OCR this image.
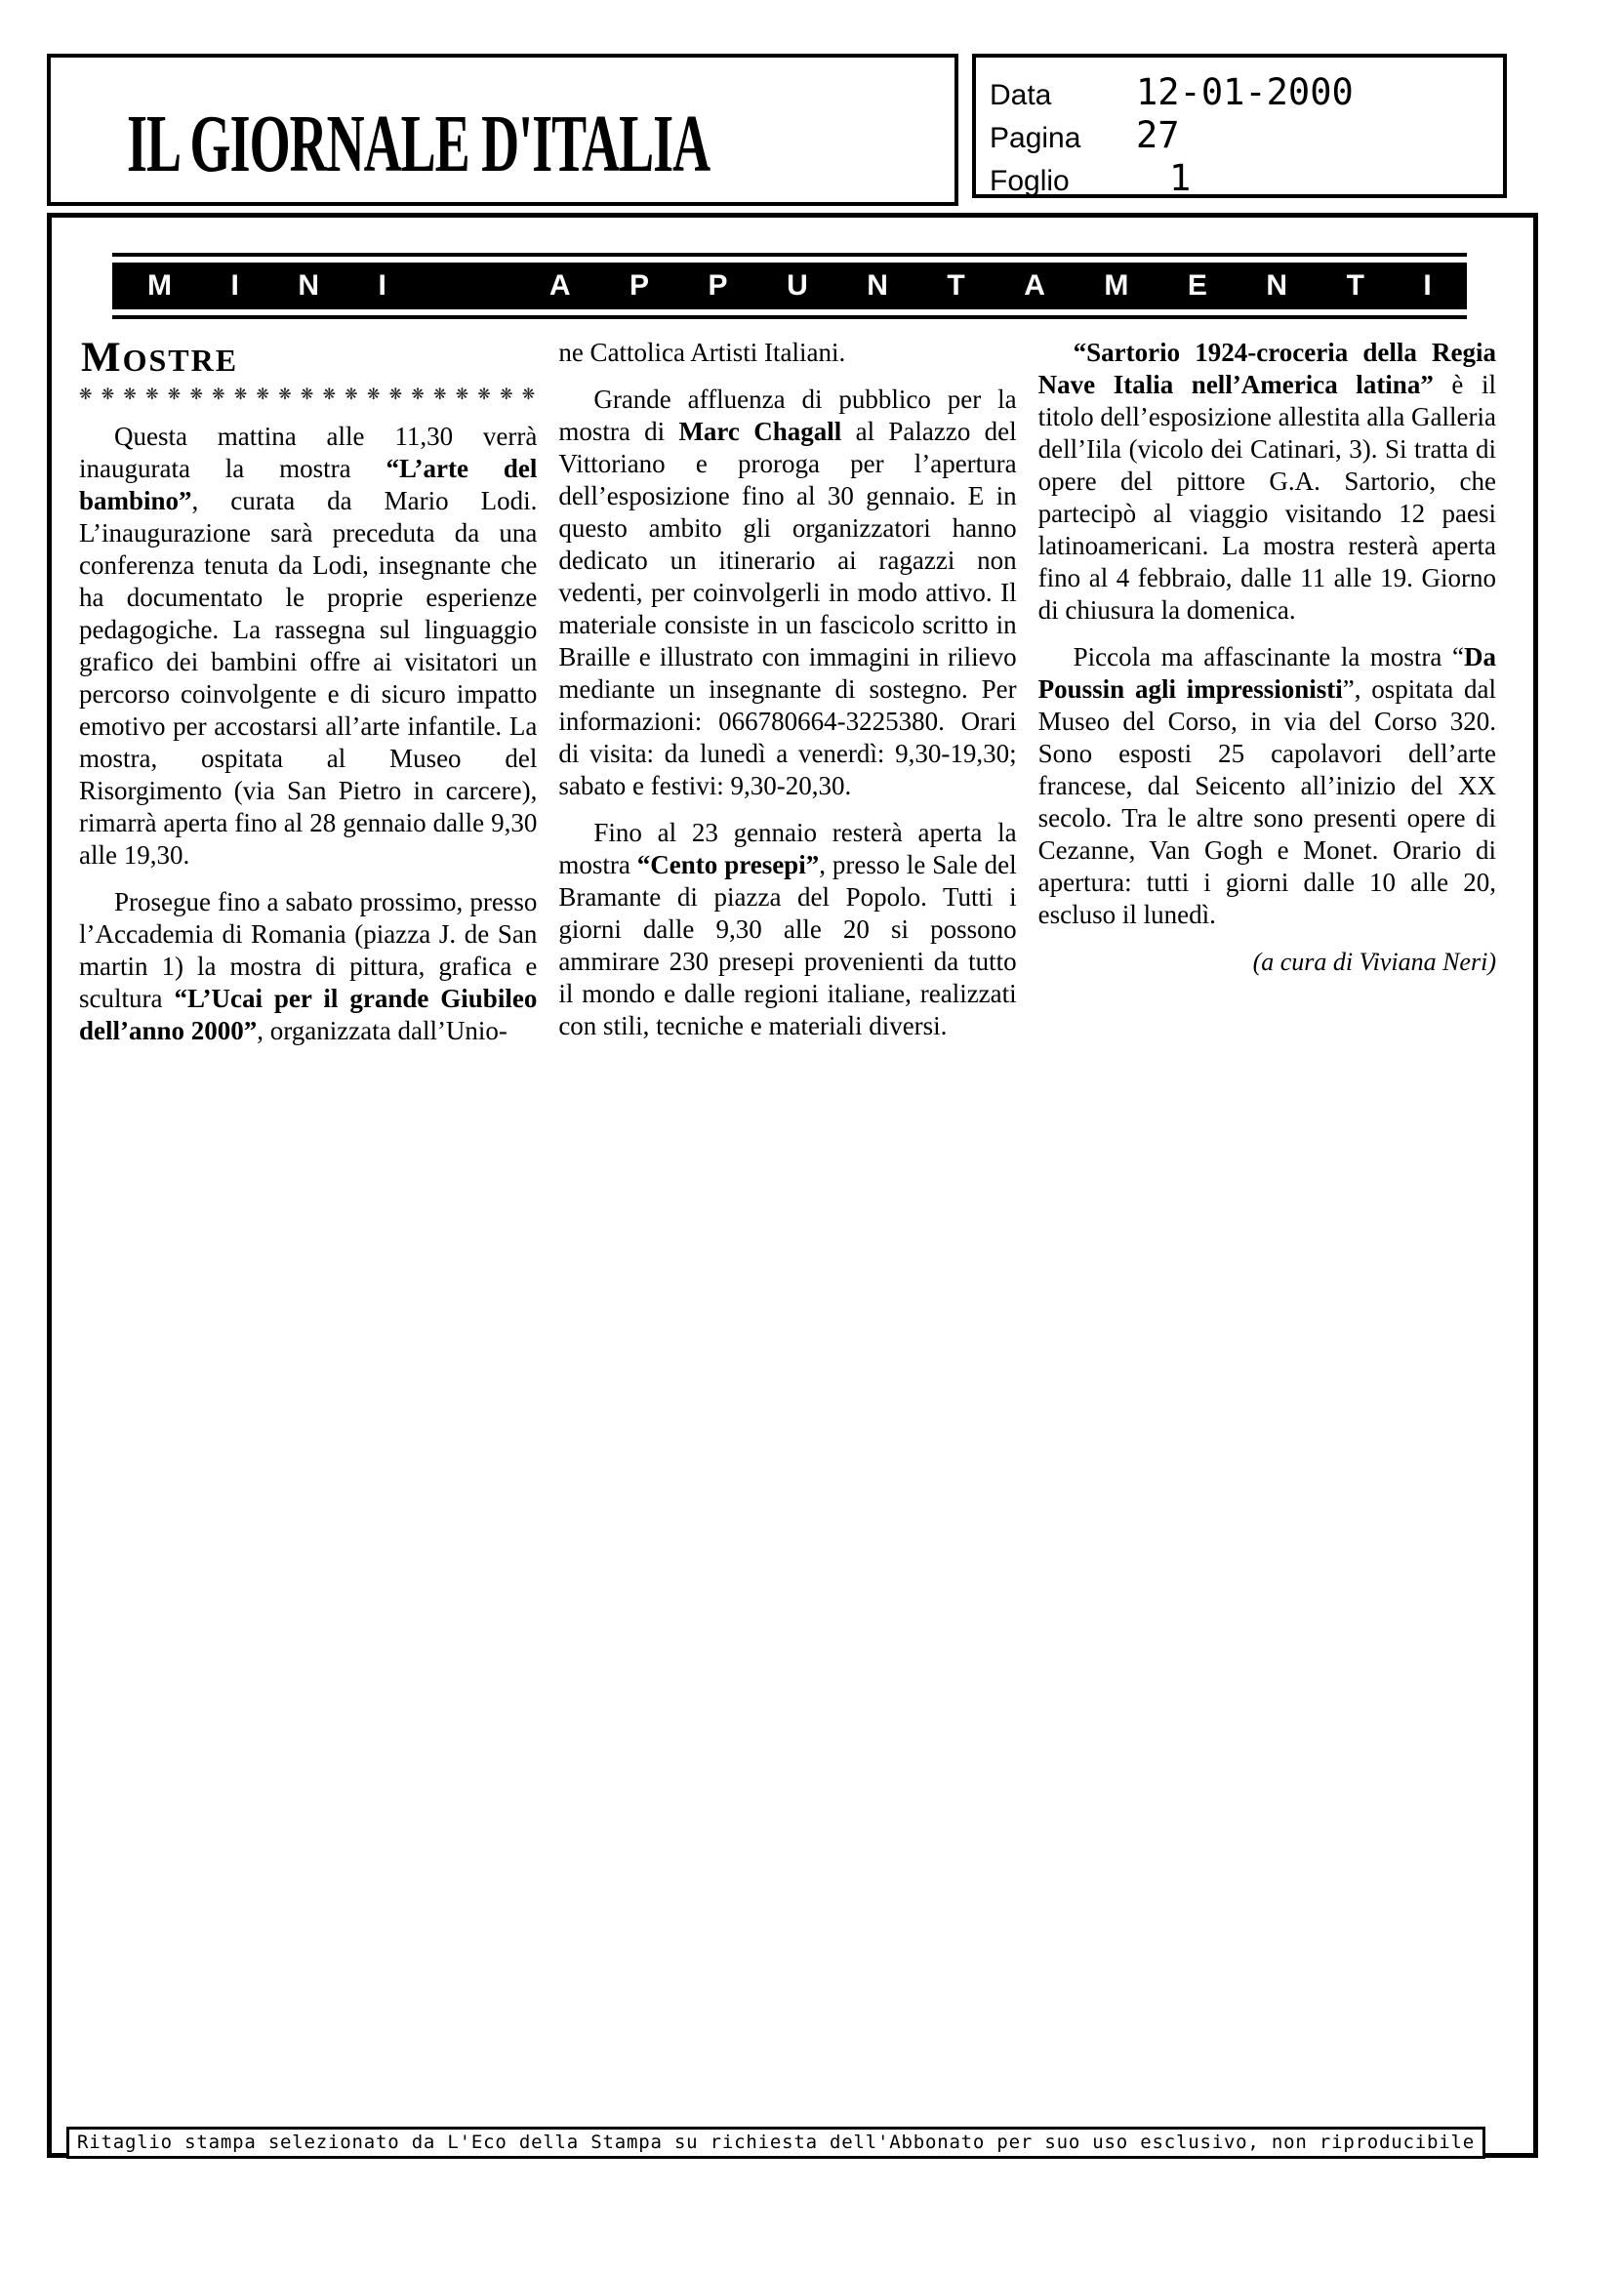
IL GIORNALE D'ITALIA
Data	12-01-2000
Pagina	27
Foglio	1
M I N I	A P P U N T A M E N T I
MOSTRE
❋ ❋ ❋ ❋ ❋ ❋ ❋ ❋ ❋ ❋ ❋ ❋ ❋ ❋ ❋ ❋ ❋ ❋ ❋ ❋ ❋

Questa mattina alle 11,30 verrà inaugurata la mostra “L’arte del bambino”, curata da Mario Lodi. L’inaugurazione sarà preceduta da una conferenza tenuta da Lodi, insegnante che ha documentato le proprie esperienze pedagogiche. La rassegna sul linguaggio grafico dei bambini offre ai visitatori un percorso coinvolgente e di sicuro impatto emotivo per accostarsi all’arte infantile. La mostra, ospitata al Museo del Risorgimento (via San Pietro in carcere), rimarrà aperta fino al 28 gennaio dalle 9,30 alle 19,30.

Prosegue fino a sabato prossimo, presso l’Accademia di Romania (piazza J. de San martin 1) la mostra di pittura, grafica e scultura “L’Ucai per il grande Giubileo dell’anno 2000”, organizzata dall’Unio-

ne Cattolica Artisti Italiani.

Grande affluenza di pubblico per la mostra di Marc Chagall al Palazzo del Vittoriano e proroga per l’apertura dell’esposizione fino al 30 gennaio. E in questo ambito gli organizzatori hanno dedicato un itinerario ai ragazzi non vedenti, per coinvolgerli in modo attivo. Il materiale consiste in un fascicolo scritto in Braille e illustrato con immagini in rilievo mediante un insegnante di sostegno. Per informazioni: 066780664-3225380. Orari di visita: da lunedì a venerdì: 9,30-19,30; sabato e festivi: 9,30-20,30.

Fino al 23 gennaio resterà aperta la mostra “Cento presepi”, presso le Sale del Bramante di piazza del Popolo. Tutti i giorni dalle 9,30 alle 20 si possono ammirare 230 presepi provenienti da tutto il mondo e dalle regioni italiane, realizzati con stili, tecniche e materiali diversi.

“Sartorio 1924-croceria della Regia Nave Italia nell’America latina” è il titolo dell’esposizione allestita alla Galleria dell’Iila (vicolo dei Catinari, 3). Si tratta di opere del pittore G.A. Sartorio, che partecipò al viaggio visitando 12 paesi latinoamericani. La mostra resterà aperta fino al 4 febbraio, dalle 11 alle 19. Giorno di chiusura la domenica.

Piccola ma affascinante la mostra “Da Poussin agli impressionisti”, ospitata dal Museo del Corso, in via del Corso 320. Sono esposti 25 capolavori dell’arte francese, dal Seicento all’inizio del XX secolo. Tra le altre sono presenti opere di Cezanne, Van Gogh e Monet. Orario di apertura: tutti i giorni dalle 10 alle 20, escluso il lunedì.

(a cura di Viviana Neri)
Ritaglio stampa selezionato da L'Eco della Stampa su richiesta dell'Abbonato per suo uso esclusivo, non riproducibile
